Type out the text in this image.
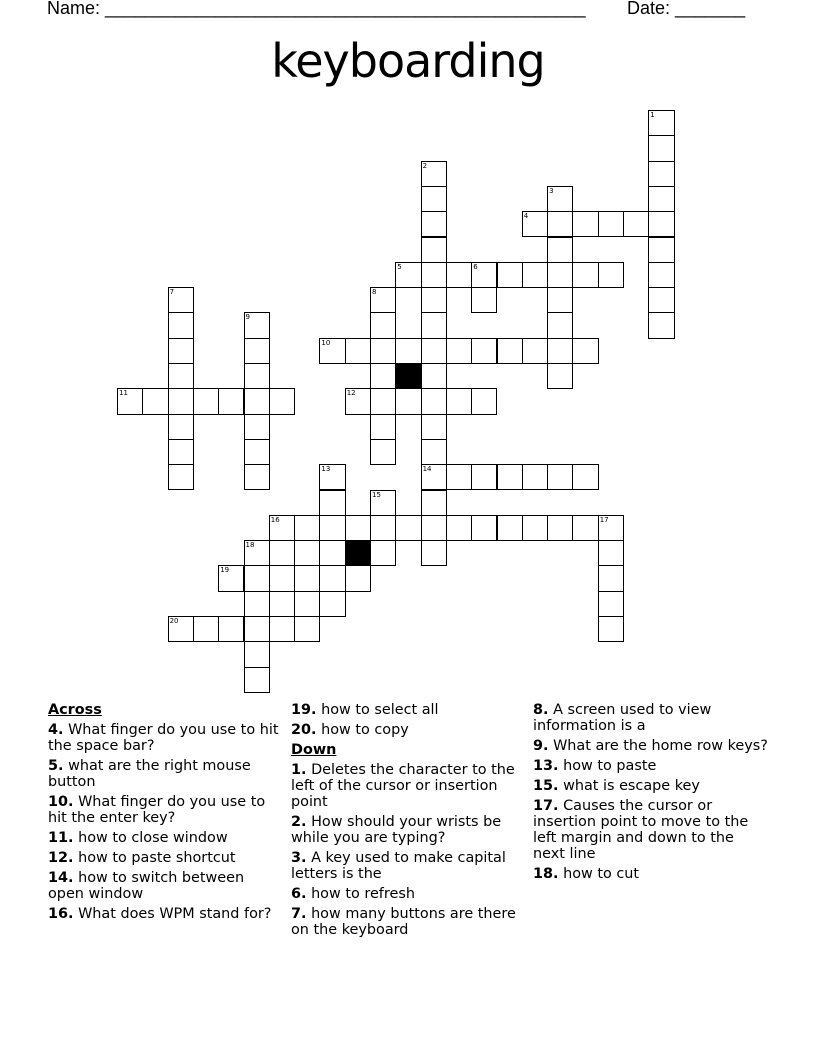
Name: ________________________________________________ Date: _______
keyboarding
1
2
14
3
4
5	6
7	8
9
10
11	12
13
15
16	17
18
19
20
Across
4. What finger do you use to hit the space bar?
5. what are the right mouse button
10. What finger do you use to hit the enter key?
11. how to close window
12. how to paste shortcut
14. how to switch between open window
16. What does WPM stand for?
19. how to select all
20. how to copy
Down
1. Deletes the character to the left of the cursor or insertion point
2. How should your wrists be while you are typing?
3. A key used to make capital letters is the
6. how to refresh
7. how many buttons are there on the keyboard
8. A screen used to view information is a
9. What are the home row keys?
13. how to paste
15. what is escape key
17. Causes the cursor or insertion point to move to the left margin and down to the next line
18. how to cut
